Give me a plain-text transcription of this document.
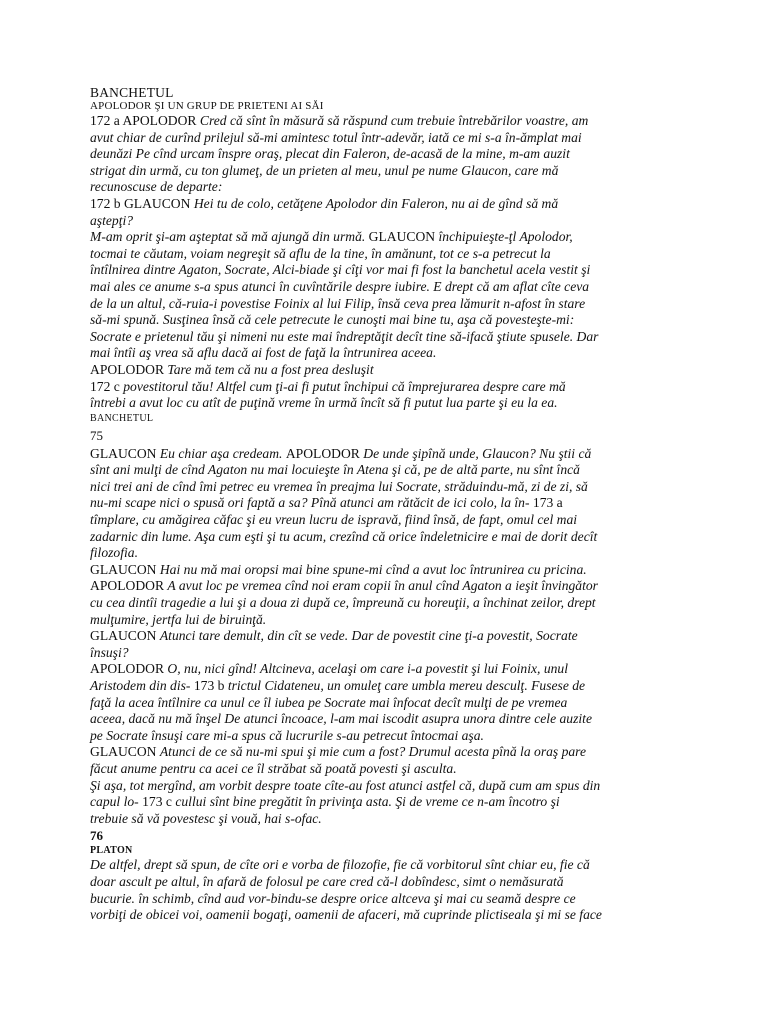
BANCHETUL
APOLODOR ŞI UN GRUP DE PRIETENI AI SĂI
172 a APOLODOR Cred că sînt în măsură să răspund cum trebuie întrebărilor voastre, am
avut chiar de curînd prilejul să-mi amintesc totul într-adevăr, iată ce mi s-a în-ămplat mai
deunăzi Pe cînd urcam înspre oraş, plecat din Faleron, de-acasă de la mine, m-am auzit
strigat din urmă, cu ton glumeţ, de un prieten al meu, unul pe nume Glaucon, care mă
recunoscuse de departe:
172 b GLAUCON Hei tu de colo, cetăţene Apolodor din Faleron, nu ai de gînd să mă
aştepţi?
M-am oprit şi-am aşteptat să mă ajungă din urmă. GLAUCON închipuieşte-ţl Apolodor,
tocmai te căutam, voiam negreşit să aflu de la tine, în amănunt, tot ce s-a petrecut la
întîlnirea dintre Agaton, Socrate, Alci-biade şi cîţi vor mai fi fost la banchetul acela vestit şi
mai ales ce anume s-a spus atunci în cuvîntările despre iubire. E drept că am aflat cîte ceva
de la un altul, că-ruia-i povestise Foinix al lui Filip, însă ceva prea lămurit n-afost în stare
să-mi spună. Susţinea însă că cele petrecute le cunoşti mai bine tu, aşa că povesteşte-mi:
Socrate e prietenul tău şi nimeni nu este mai îndreptăţit decît tine să-ifacă ştiute spusele. Dar
mai întîi aş vrea să aflu dacă ai fost de faţă la întrunirea aceea.
APOLODOR Tare mă tem că nu a fost prea desluşit
172 c povestitorul tău! Altfel cum ţi-ai fi putut închipui că împrejurarea despre care mă
întrebi a avut loc cu atît de puţină vreme în urmă încît să fi putut lua parte şi eu la ea.
BANCHETUL
75
GLAUCON Eu chiar aşa credeam. APOLODOR De unde şipînă unde, Glaucon? Nu ştii că
sînt ani mulţi de cînd Agaton nu mai locuieşte în Atena şi că, pe de altă parte, nu sînt încă
nici trei ani de cînd îmi petrec eu vremea în preajma lui Socrate, străduindu-mă, zi de zi, să
nu-mi scape nici o spusă ori faptă a sa? Pînă atunci am rătăcit de ici colo, la în- 173 a
tîmplare, cu amăgirea căfac şi eu vreun lucru de ispravă, fiind însă, de fapt, omul cel mai
zadarnic din lume. Aşa cum eşti şi tu acum, crezînd că orice îndeletnicire e mai de dorit decît
filozofia.
GLAUCON Hai nu mă mai oropsi mai bine spune-mi cînd a avut loc întrunirea cu pricina.
APOLODOR A avut loc pe vremea cînd noi eram copii în anul cînd Agaton a ieşit învingător
cu cea dintîi tragedie a lui şi a doua zi după ce, împreună cu horeuţii, a închinat zeilor, drept
mulţumire, jertfa lui de biruinţă.
GLAUCON Atunci tare demult, din cît se vede. Dar de povestit cine ţi-a povestit, Socrate
însuşi?
APOLODOR O, nu, nici gînd! Altcineva, acelaşi om care i-a povestit şi lui Foinix, unul
Aristodem din dis- 173 b trictul Cidateneu, un omuleţ care umbla mereu desculţ. Fusese de
faţă la acea întîlnire ca unul ce îl iubea pe Socrate mai înfocat decît mulţi de pe vremea
aceea, dacă nu mă înşel De atunci încoace, l-am mai iscodit asupra unora dintre cele auzite
pe Socrate însuşi care mi-a spus că lucrurile s-au petrecut întocmai aşa.
GLAUCON Atunci de ce să nu-mi spui şi mie cum a fost? Drumul acesta pînă la oraş pare
făcut anume pentru ca acei ce îl străbat să poată povesti şi asculta.
Şi aşa, tot mergînd, am vorbit despre toate cîte-au fost atunci astfel că, după cum am spus din
capul lo- 173 c cullui sînt bine pregătit în privinţa asta. Şi de vreme ce n-am încotro şi
trebuie să vă povestesc şi vouă, hai s-ofac.
76
PLATON
De altfel, drept să spun, de cîte ori e vorba de filozofie, fie că vorbitorul sînt chiar eu, fie că
doar ascult pe altul, în afară de folosul pe care cred că-l dobîndesc, simt o nemăsurată
bucurie. în schimb, cînd aud vor-bindu-se despre orice altceva şi mai cu seamă despre ce
vorbiţi de obicei voi, oamenii bogaţi, oamenii de afaceri, mă cuprinde plictiseala şi mi se face
